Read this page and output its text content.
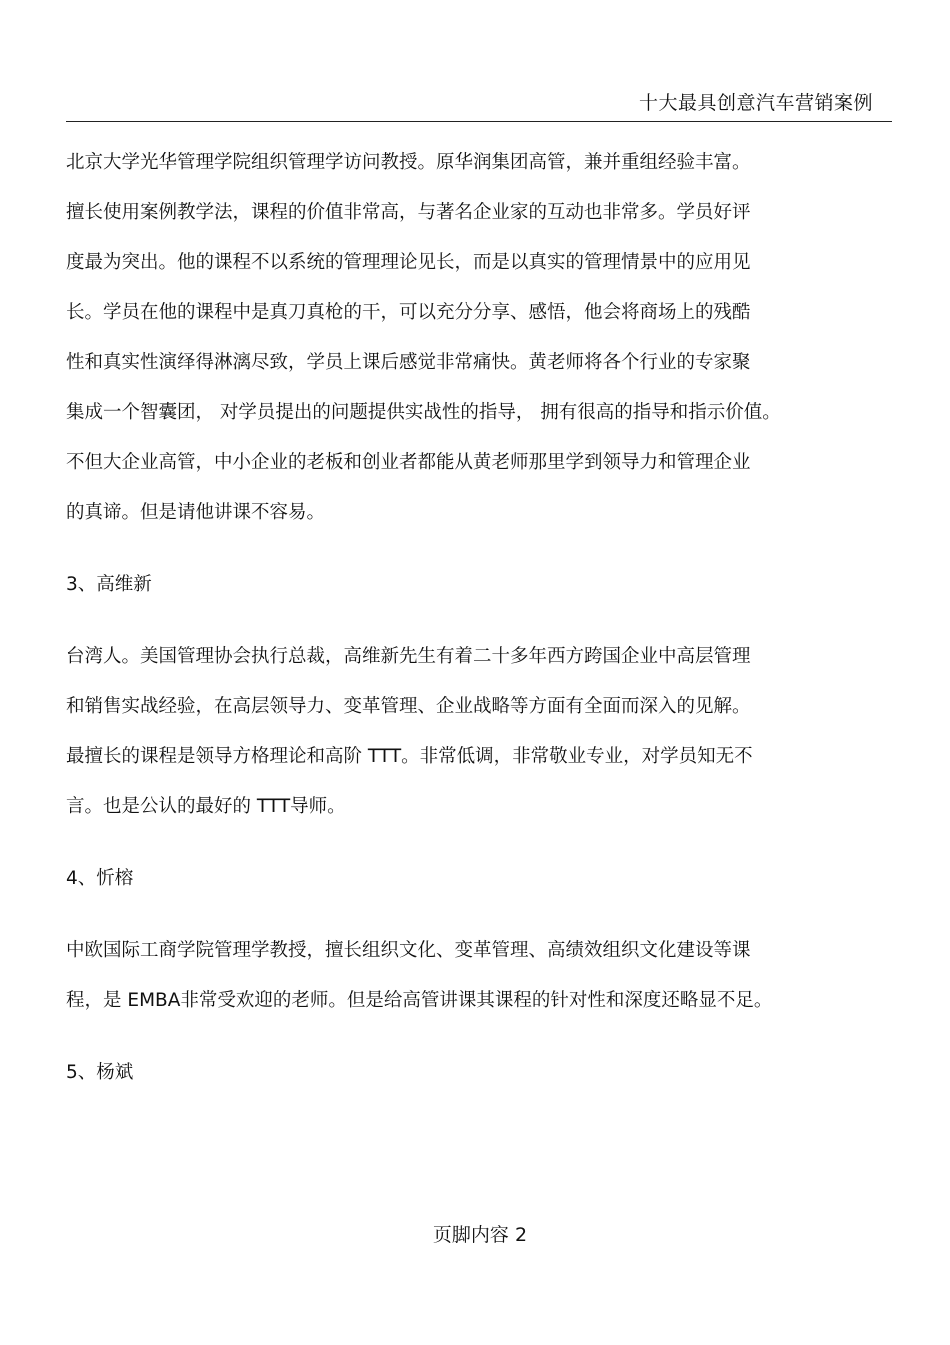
十大最具创意汽车营销案例
北京大学光华管理学院组织管理学访问教授。原华润集团高管，兼并重组经验丰富。
擅长使用案例教学法，课程的价值非常高，与著名企业家的互动也非常多。学员好评
度最为突出。他的课程不以系统的管理理论见长，而是以真实的管理情景中的应用见
长。学员在他的课程中是真刀真枪的干，可以充分分享、感悟，他会将商场上的残酷
性和真实性演绎得淋漓尽致，学员上课后感觉非常痛快。黄老师将各个行业的专家聚
集成一个智囊团， 对学员提出的问题提供实战性的指导， 拥有很高的指导和指示价值。
不但大企业高管，中小企业的老板和创业者都能从黄老师那里学到领导力和管理企业
的真谛。但是请他讲课不容易。
3、高维新
台湾人。美国管理协会执行总裁，高维新先生有着二十多年西方跨国企业中高层管理
和销售实战经验，在高层领导力、变革管理、企业战略等方面有全面而深入的见解。
最擅长的课程是领导方格理论和高阶 TTT。非常低调，非常敬业专业，对学员知无不
言。也是公认的最好的 TTT导师。
4、忻榕
中欧国际工商学院管理学教授，擅长组织文化、变革管理、高绩效组织文化建设等课
程，是 EMBA非常受欢迎的老师。但是给高管讲课其课程的针对性和深度还略显不足。
5、杨斌
页脚内容 2
